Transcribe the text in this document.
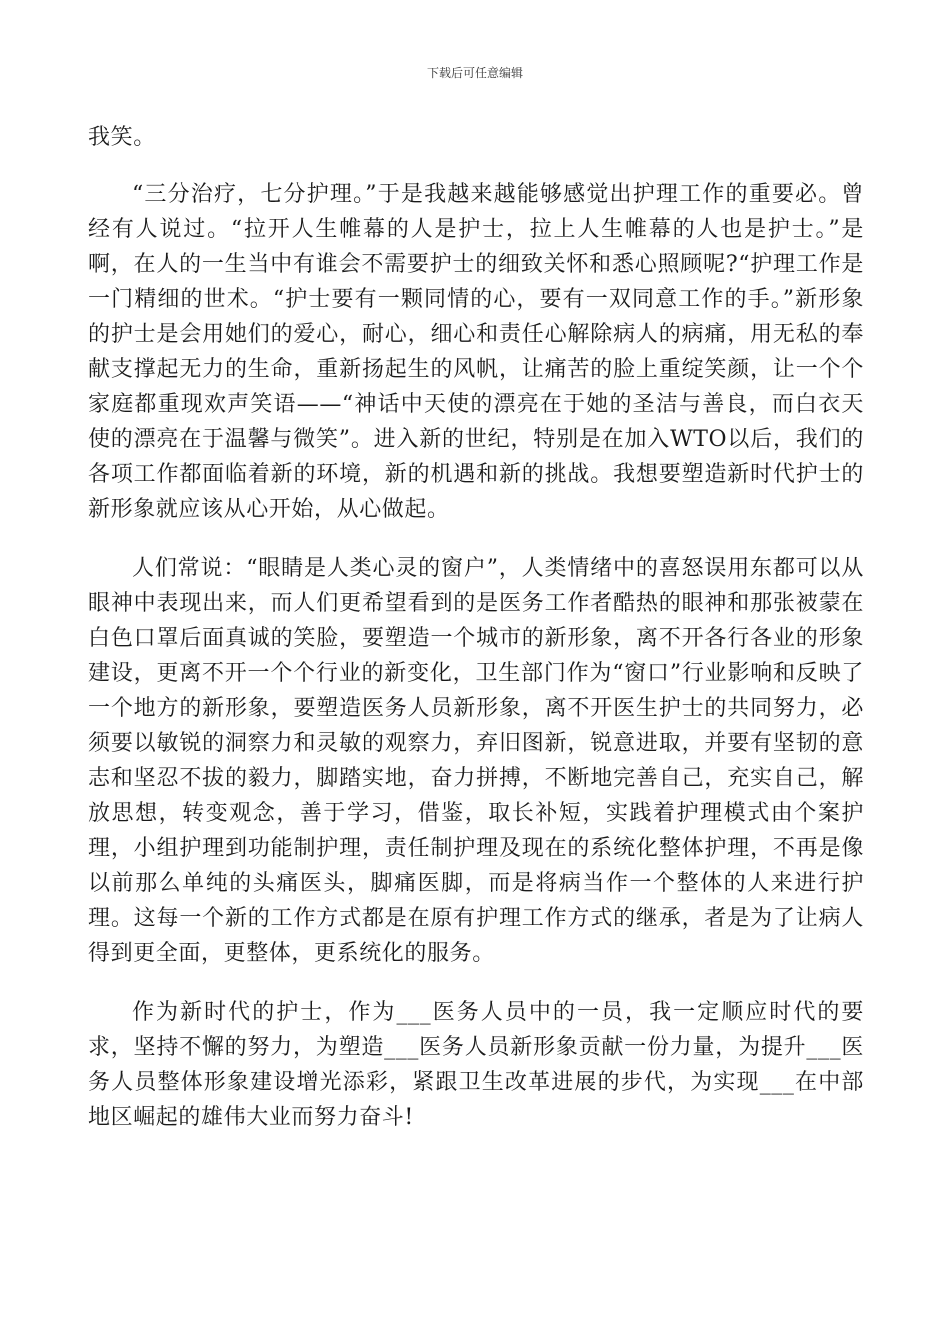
下载后可任意编辑

我笑。

“三分治疗，七分护理。”于是我越来越能够感觉出护理工作的重要必。曾经有人说过。“拉开人生帷幕的人是护士，拉上人生帷幕的人也是护士。”是啊，在人的一生当中有谁会不需要护士的细致关怀和悉心照顾呢?“护理工作是一门精细的世术。“护士要有一颗同情的心，要有一双同意工作的手。”新形象的护士是会用她们的爱心，耐心，细心和责任心解除病人的病痛，用无私的奉献支撑起无力的生命，重新扬起生的风帆，让痛苦的脸上重绽笑颜，让一个个家庭都重现欢声笑语——“神话中天使的漂亮在于她的圣洁与善良，而白衣天使的漂亮在于温馨与微笑”。进入新的世纪，特别是在加入WTO以后，我们的各项工作都面临着新的环境，新的机遇和新的挑战。我想要塑造新时代护士的新形象就应该从心开始，从心做起。

人们常说：“眼睛是人类心灵的窗户”，人类情绪中的喜怒误用东都可以从眼神中表现出来，而人们更希望看到的是医务工作者酷热的眼神和那张被蒙在白色口罩后面真诚的笑脸，要塑造一个城市的新形象，离不开各行各业的形象建设，更离不开一个个行业的新变化，卫生部门作为“窗口”行业影响和反映了一个地方的新形象，要塑造医务人员新形象，离不开医生护士的共同努力，必须要以敏锐的洞察力和灵敏的观察力，弃旧图新，锐意进取，并要有坚韧的意志和坚忍不拔的毅力，脚踏实地，奋力拼搏，不断地完善自己，充实自己，解放思想，转变观念，善于学习，借鉴，取长补短，实践着护理模式由个案护理，小组护理到功能制护理，责任制护理及现在的系统化整体护理，不再是像以前那么单纯的头痛医头，脚痛医脚，而是将病当作一个整体的人来进行护理。这每一个新的工作方式都是在原有护理工作方式的继承，者是为了让病人得到更全面，更整体，更系统化的服务。

作为新时代的护士，作为___医务人员中的一员，我一定顺应时代的要求，坚持不懈的努力，为塑造___医务人员新形象贡献一份力量，为提升___医务人员整体形象建设增光添彩，紧跟卫生改革进展的步代，为实现___在中部地区崛起的雄伟大业而努力奋斗!
